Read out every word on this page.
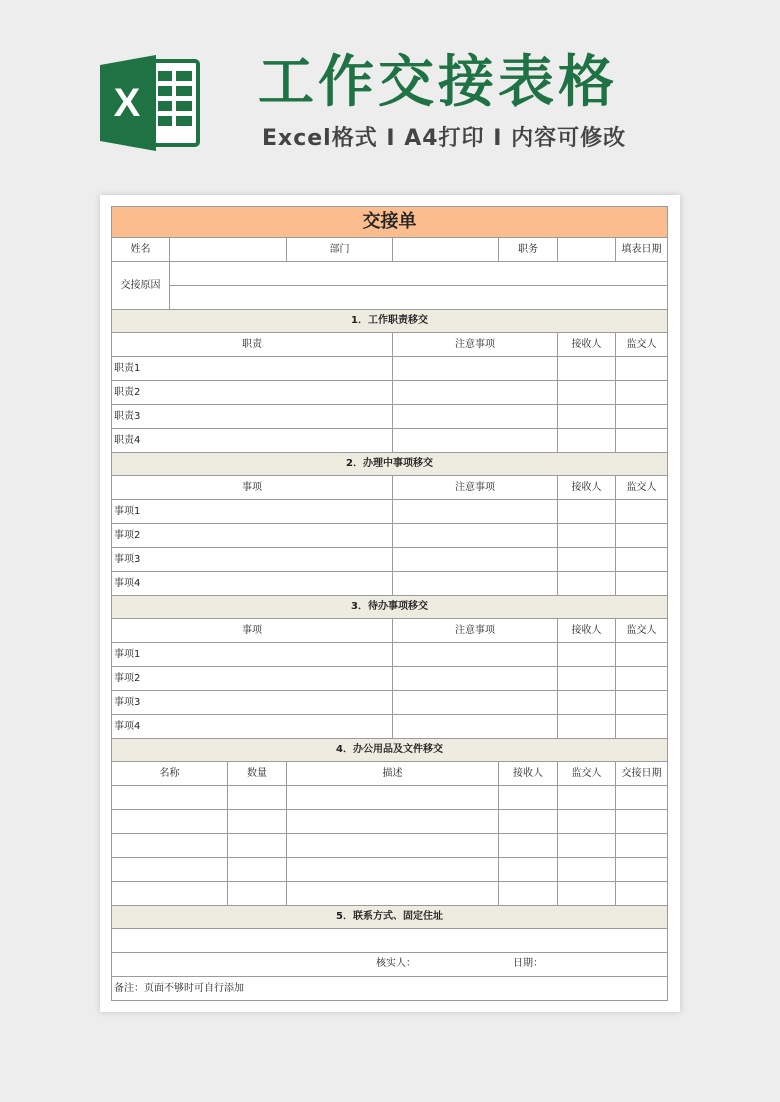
X 工作交接表格
Excel格式 I A4打印 I 内容可修改
交接单							
姓名			部门		职务		填表日期
交接原因							

1．工作职责移交							
职责				注意事项		接收人	监交人
职责1							
职责2							
职责3							
职责4							
2．办理中事项移交							
事项				注意事项		接收人	监交人
事项1							
事项2							
事项3							
事项4							
3．待办事项移交							
事项				注意事项		接收人	监交人
事项1							
事项2							
事项3							
事项4							
4．办公用品及文件移交							
名称		数量	描述		接收人	监交人	交接日期

5．联系方式、固定住址							

核实人： 日期：							

备注：页面不够时可自行添加							
